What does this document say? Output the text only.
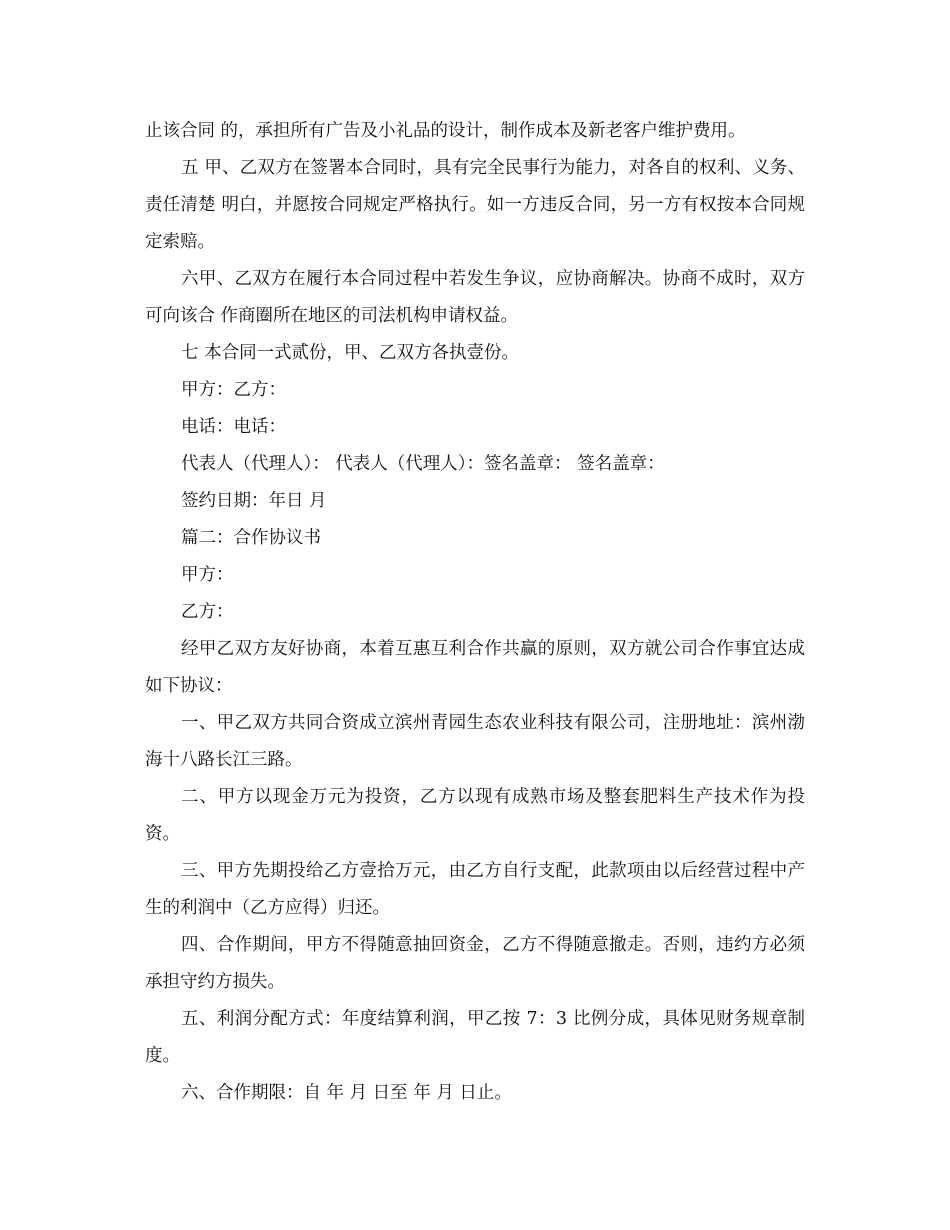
止该合同 的，承担所有广告及小礼品的设计，制作成本及新老客户维护费用。

五 甲、乙双方在签署本合同时，具有完全民事行为能力，对各自的权利、义务、责任清楚 明白，并愿按合同规定严格执行。如一方违反合同，另一方有权按本合同规定索赔。

六甲、乙双方在履行本合同过程中若发生争议，应协商解决。协商不成时，双方可向该合 作商圈所在地区的司法机构申请权益。

七 本合同一式贰份，甲、乙双方各执壹份。

甲方：乙方：

电话：电话：

代表人（代理人）： 代表人（代理人）：签名盖章： 签名盖章：

签约日期：年日 月

篇二：合作协议书

甲方：

乙方：

经甲乙双方友好协商，本着互惠互利合作共赢的原则，双方就公司合作事宜达成如下协议：

一、甲乙双方共同合资成立滨州青园生态农业科技有限公司，注册地址：滨州渤海十八路长江三路。

二、甲方以现金万元为投资，乙方以现有成熟市场及整套肥料生产技术作为投资。

三、甲方先期投给乙方壹拾万元，由乙方自行支配，此款项由以后经营过程中产生的利润中（乙方应得）归还。

四、合作期间，甲方不得随意抽回资金，乙方不得随意撤走。否则，违约方必须承担守约方损失。

五、利润分配方式：年度结算利润，甲乙按 7：3 比例分成，具体见财务规章制度。

六、合作期限：自 年 月 日至 年 月 日止。
